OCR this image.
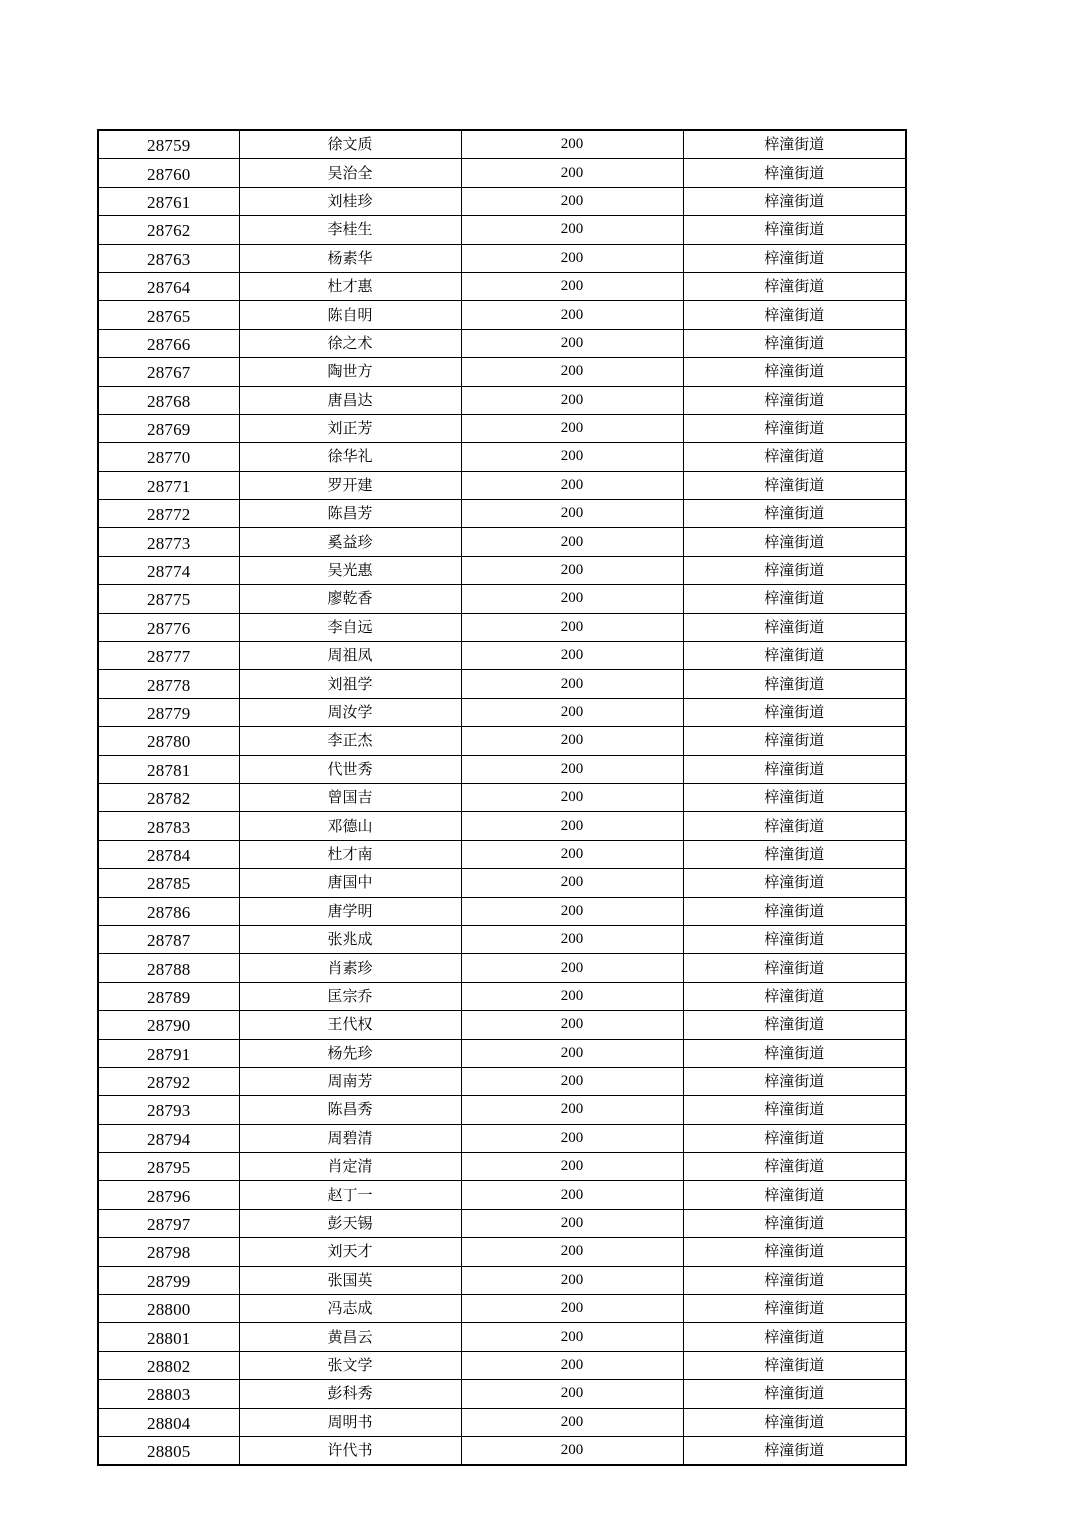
28759	徐文质	200	梓潼街道
28760	吴治全	200	梓潼街道
28761	刘桂珍	200	梓潼街道
28762	李桂生	200	梓潼街道
28763	杨素华	200	梓潼街道
28764	杜才惠	200	梓潼街道
28765	陈自明	200	梓潼街道
28766	徐之术	200	梓潼街道
28767	陶世方	200	梓潼街道
28768	唐昌达	200	梓潼街道
28769	刘正芳	200	梓潼街道
28770	徐华礼	200	梓潼街道
28771	罗开建	200	梓潼街道
28772	陈昌芳	200	梓潼街道
28773	奚益珍	200	梓潼街道
28774	吴光惠	200	梓潼街道
28775	廖乾香	200	梓潼街道
28776	李自远	200	梓潼街道
28777	周祖凤	200	梓潼街道
28778	刘祖学	200	梓潼街道
28779	周汝学	200	梓潼街道
28780	李正杰	200	梓潼街道
28781	代世秀	200	梓潼街道
28782	曾国吉	200	梓潼街道
28783	邓德山	200	梓潼街道
28784	杜才南	200	梓潼街道
28785	唐国中	200	梓潼街道
28786	唐学明	200	梓潼街道
28787	张兆成	200	梓潼街道
28788	肖素珍	200	梓潼街道
28789	匡宗乔	200	梓潼街道
28790	王代权	200	梓潼街道
28791	杨先珍	200	梓潼街道
28792	周南芳	200	梓潼街道
28793	陈昌秀	200	梓潼街道
28794	周碧清	200	梓潼街道
28795	肖定清	200	梓潼街道
28796	赵丁一	200	梓潼街道
28797	彭天锡	200	梓潼街道
28798	刘天才	200	梓潼街道
28799	张国英	200	梓潼街道
28800	冯志成	200	梓潼街道
28801	黄昌云	200	梓潼街道
28802	张文学	200	梓潼街道
28803	彭科秀	200	梓潼街道
28804	周明书	200	梓潼街道
28805	许代书	200	梓潼街道
